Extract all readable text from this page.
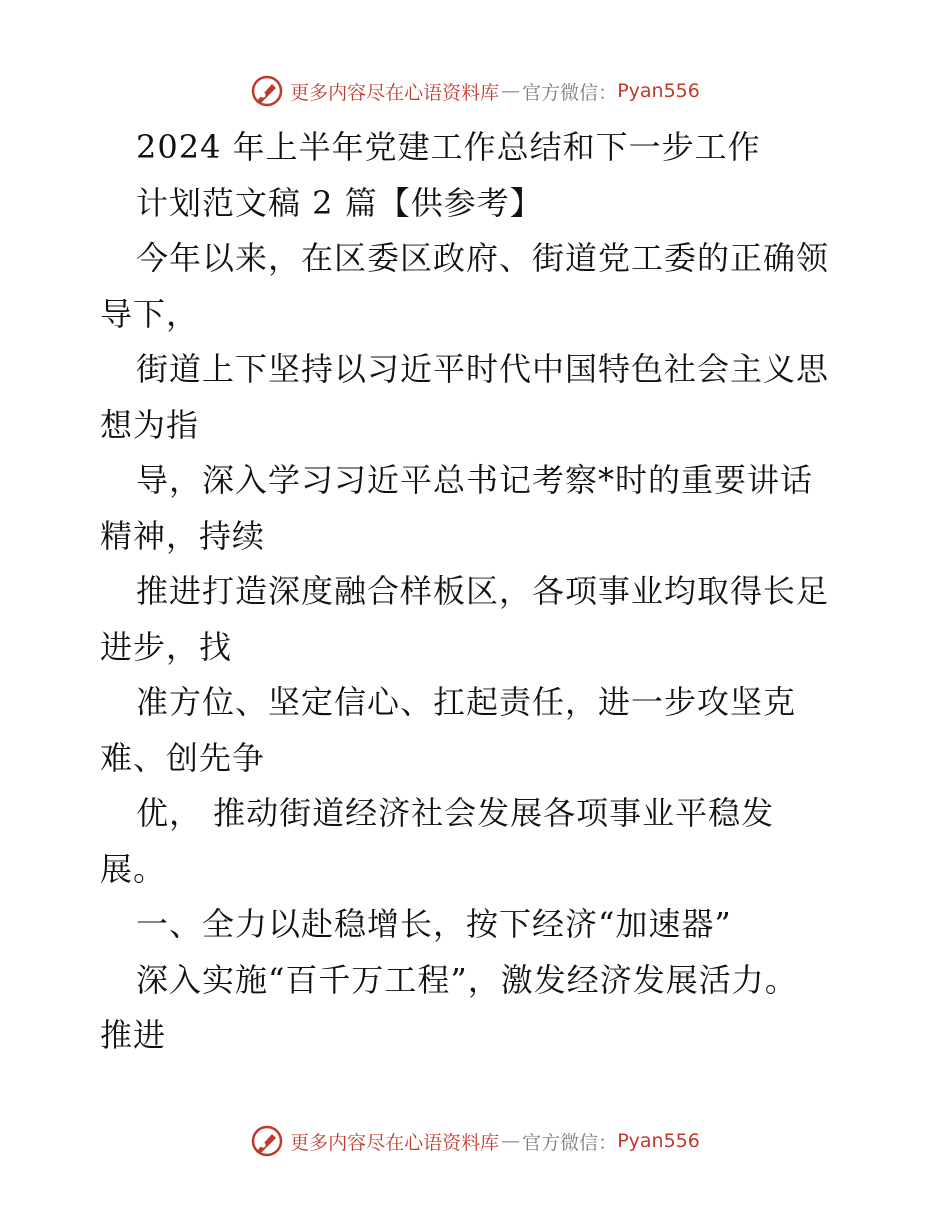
更多内容尽在心语资料库 — 官方微信： Pyan556
2024 年上半年党建工作总结和下一步工作
计划范文稿 2 篇【供参考】
今年以来，在区委区政府、街道党工委的正确领
导下，
街道上下坚持以习近平时代中国特色社会主义思
想为指
导，深入学习习近平总书记考察*时的重要讲话
精神，持续
推进打造深度融合样板区，各项事业均取得长足
进步，找
准方位、坚定信心、扛起责任，进一步攻坚克
难、创先争
优， 推动街道经济社会发展各项事业平稳发
展。
一、全力以赴稳增长，按下经济“加速器”
深入实施“百千万工程”，激发经济发展活力。
推进
更多内容尽在心语资料库 — 官方微信： Pyan556
